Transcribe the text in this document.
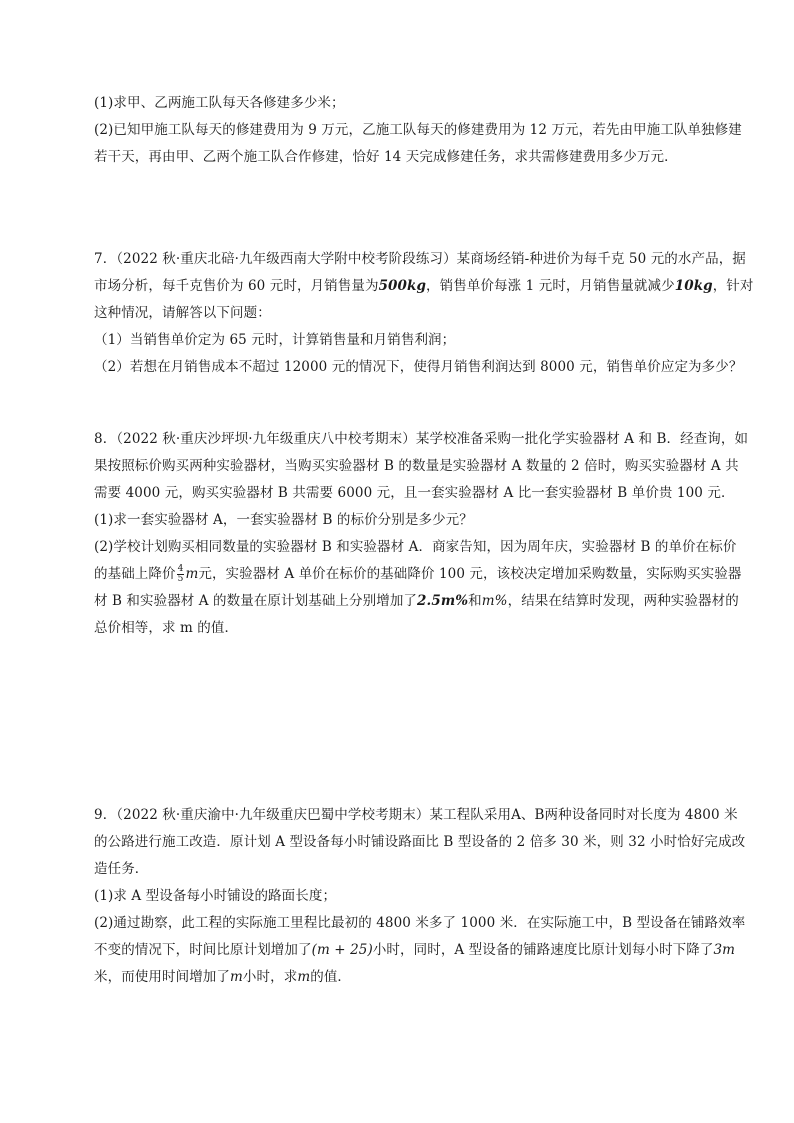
(1)求甲、乙两施工队每天各修建多少米；
(2)已知甲施工队每天的修建费用为 9 万元，乙施工队每天的修建费用为 12 万元，若先由甲施工队单独修建
若干天，再由甲、乙两个施工队合作修建，恰好 14 天完成修建任务，求共需修建费用多少万元．
7．（2022 秋·重庆北碚·九年级西南大学附中校考阶段练习）某商场经销-种进价为每千克 50 元的水产品，据
市场分析，每千克售价为 60 元时，月销售量为500kg，销售单价每涨 1 元时，月销售量就减少10kg，针对
这种情况，请解答以下问题：
（1）当销售单价定为 65 元时，计算销售量和月销售利润；
（2）若想在月销售成本不超过 12000 元的情况下，使得月销售利润达到 8000 元，销售单价应定为多少？
8．（2022 秋·重庆沙坪坝·九年级重庆八中校考期末）某学校准备采购一批化学实验器材 A 和 B．经查询，如
果按照标价购买两种实验器材，当购买实验器材 B 的数量是实验器材 A 数量的 2 倍时，购买实验器材 A 共
需要 4000 元，购买实验器材 B 共需要 6000 元，且一套实验器材 A 比一套实验器材 B 单价贵 100 元．
(1)求一套实验器材 A，一套实验器材 B 的标价分别是多少元？
(2)学校计划购买相同数量的实验器材 B 和实验器材 A．商家告知，因为周年庆，实验器材 B 的单价在标价
的基础上降价 $\frac{4}{5}$ m元，实验器材 A 单价在标价的基础降价 100 元，该校决定增加采购数量，实际购买实验器
材 B 和实验器材 A 的数量在原计划基础上分别增加了2.5m%和m%，结果在结算时发现，两种实验器材的
总价相等，求 m 的值．
9．（2022 秋·重庆渝中·九年级重庆巴蜀中学校考期末）某工程队采用A、B两种设备同时对长度为 4800 米
的公路进行施工改造．原计划 A 型设备每小时铺设路面比 B 型设备的 2 倍多 30 米，则 32 小时恰好完成改
造任务．
(1)求 A 型设备每小时铺设的路面长度；
(2)通过勘察，此工程的实际施工里程比最初的 4800 米多了 1000 米．在实际施工中，B 型设备在铺路效率
不变的情况下，时间比原计划增加了(m + 25)小时，同时，A 型设备的铺路速度比原计划每小时下降了3m
米，而使用时间增加了m小时，求m的值．
